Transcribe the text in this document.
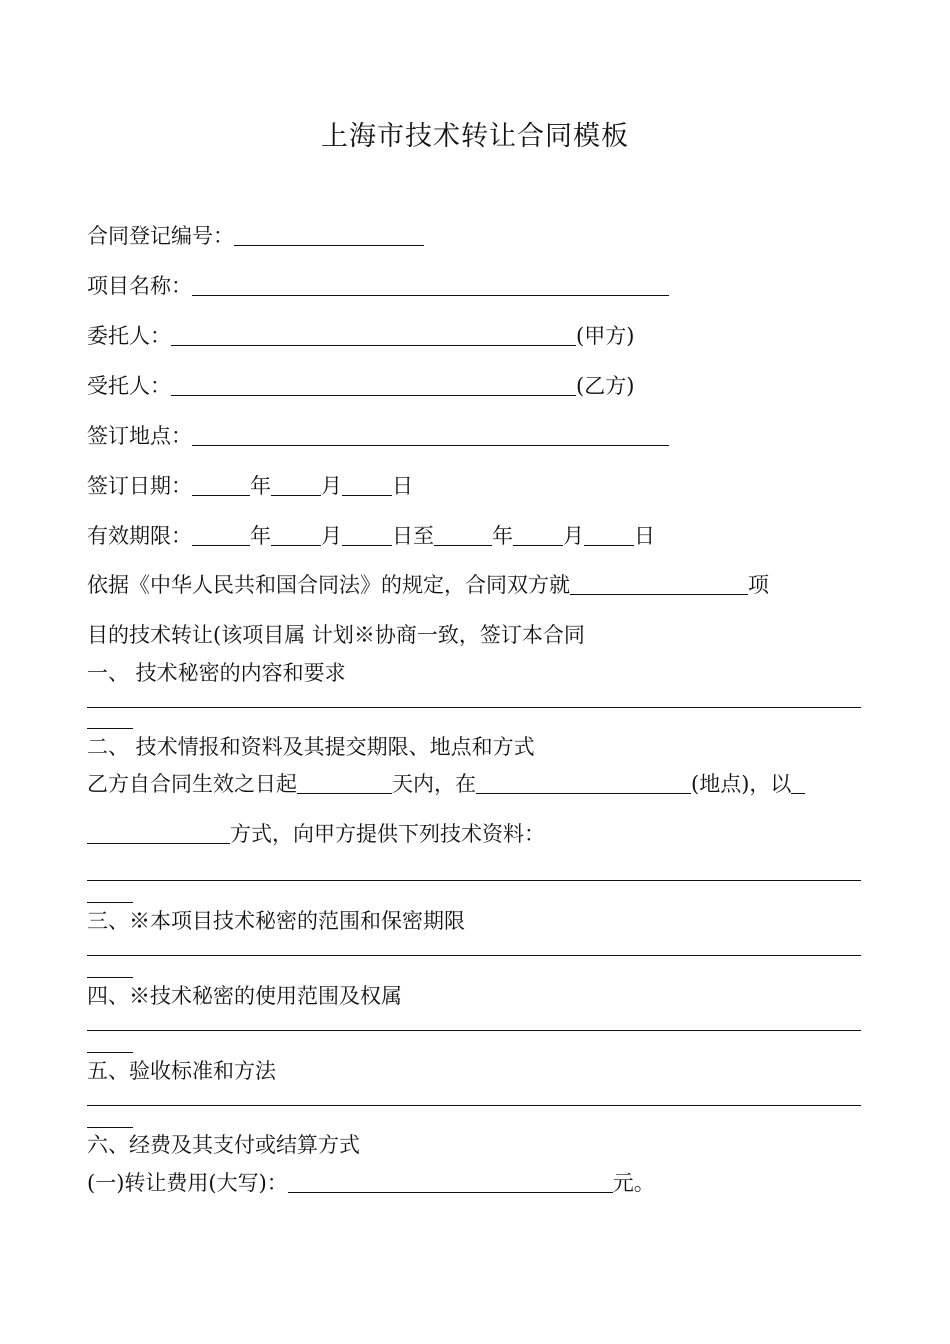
上海市技术转让合同模板
合同登记编号：
项目名称：
委托人：	(甲方)
受托人：	(乙方)
签订地点：
签订日期：	年 月 日
有效期限：	年 月 日至	年 月 日
依据《中华人民共和国合同法》的规定，合同双方就	项
目的技术转让(该项目属 计划※协商一致，签订本合同
一、 技术秘密的内容和要求
二、 技术情报和资料及其提交期限、地点和方式
乙方自合同生效之日起	天内，在	(地点)，以
方式，向甲方提供下列技术资料：
三、※本项目技术秘密的范围和保密期限
四、※技术秘密的使用范围及权属
五、验收标准和方法
六、经费及其支付或结算方式
(一)转让费用(大写)：	元。
